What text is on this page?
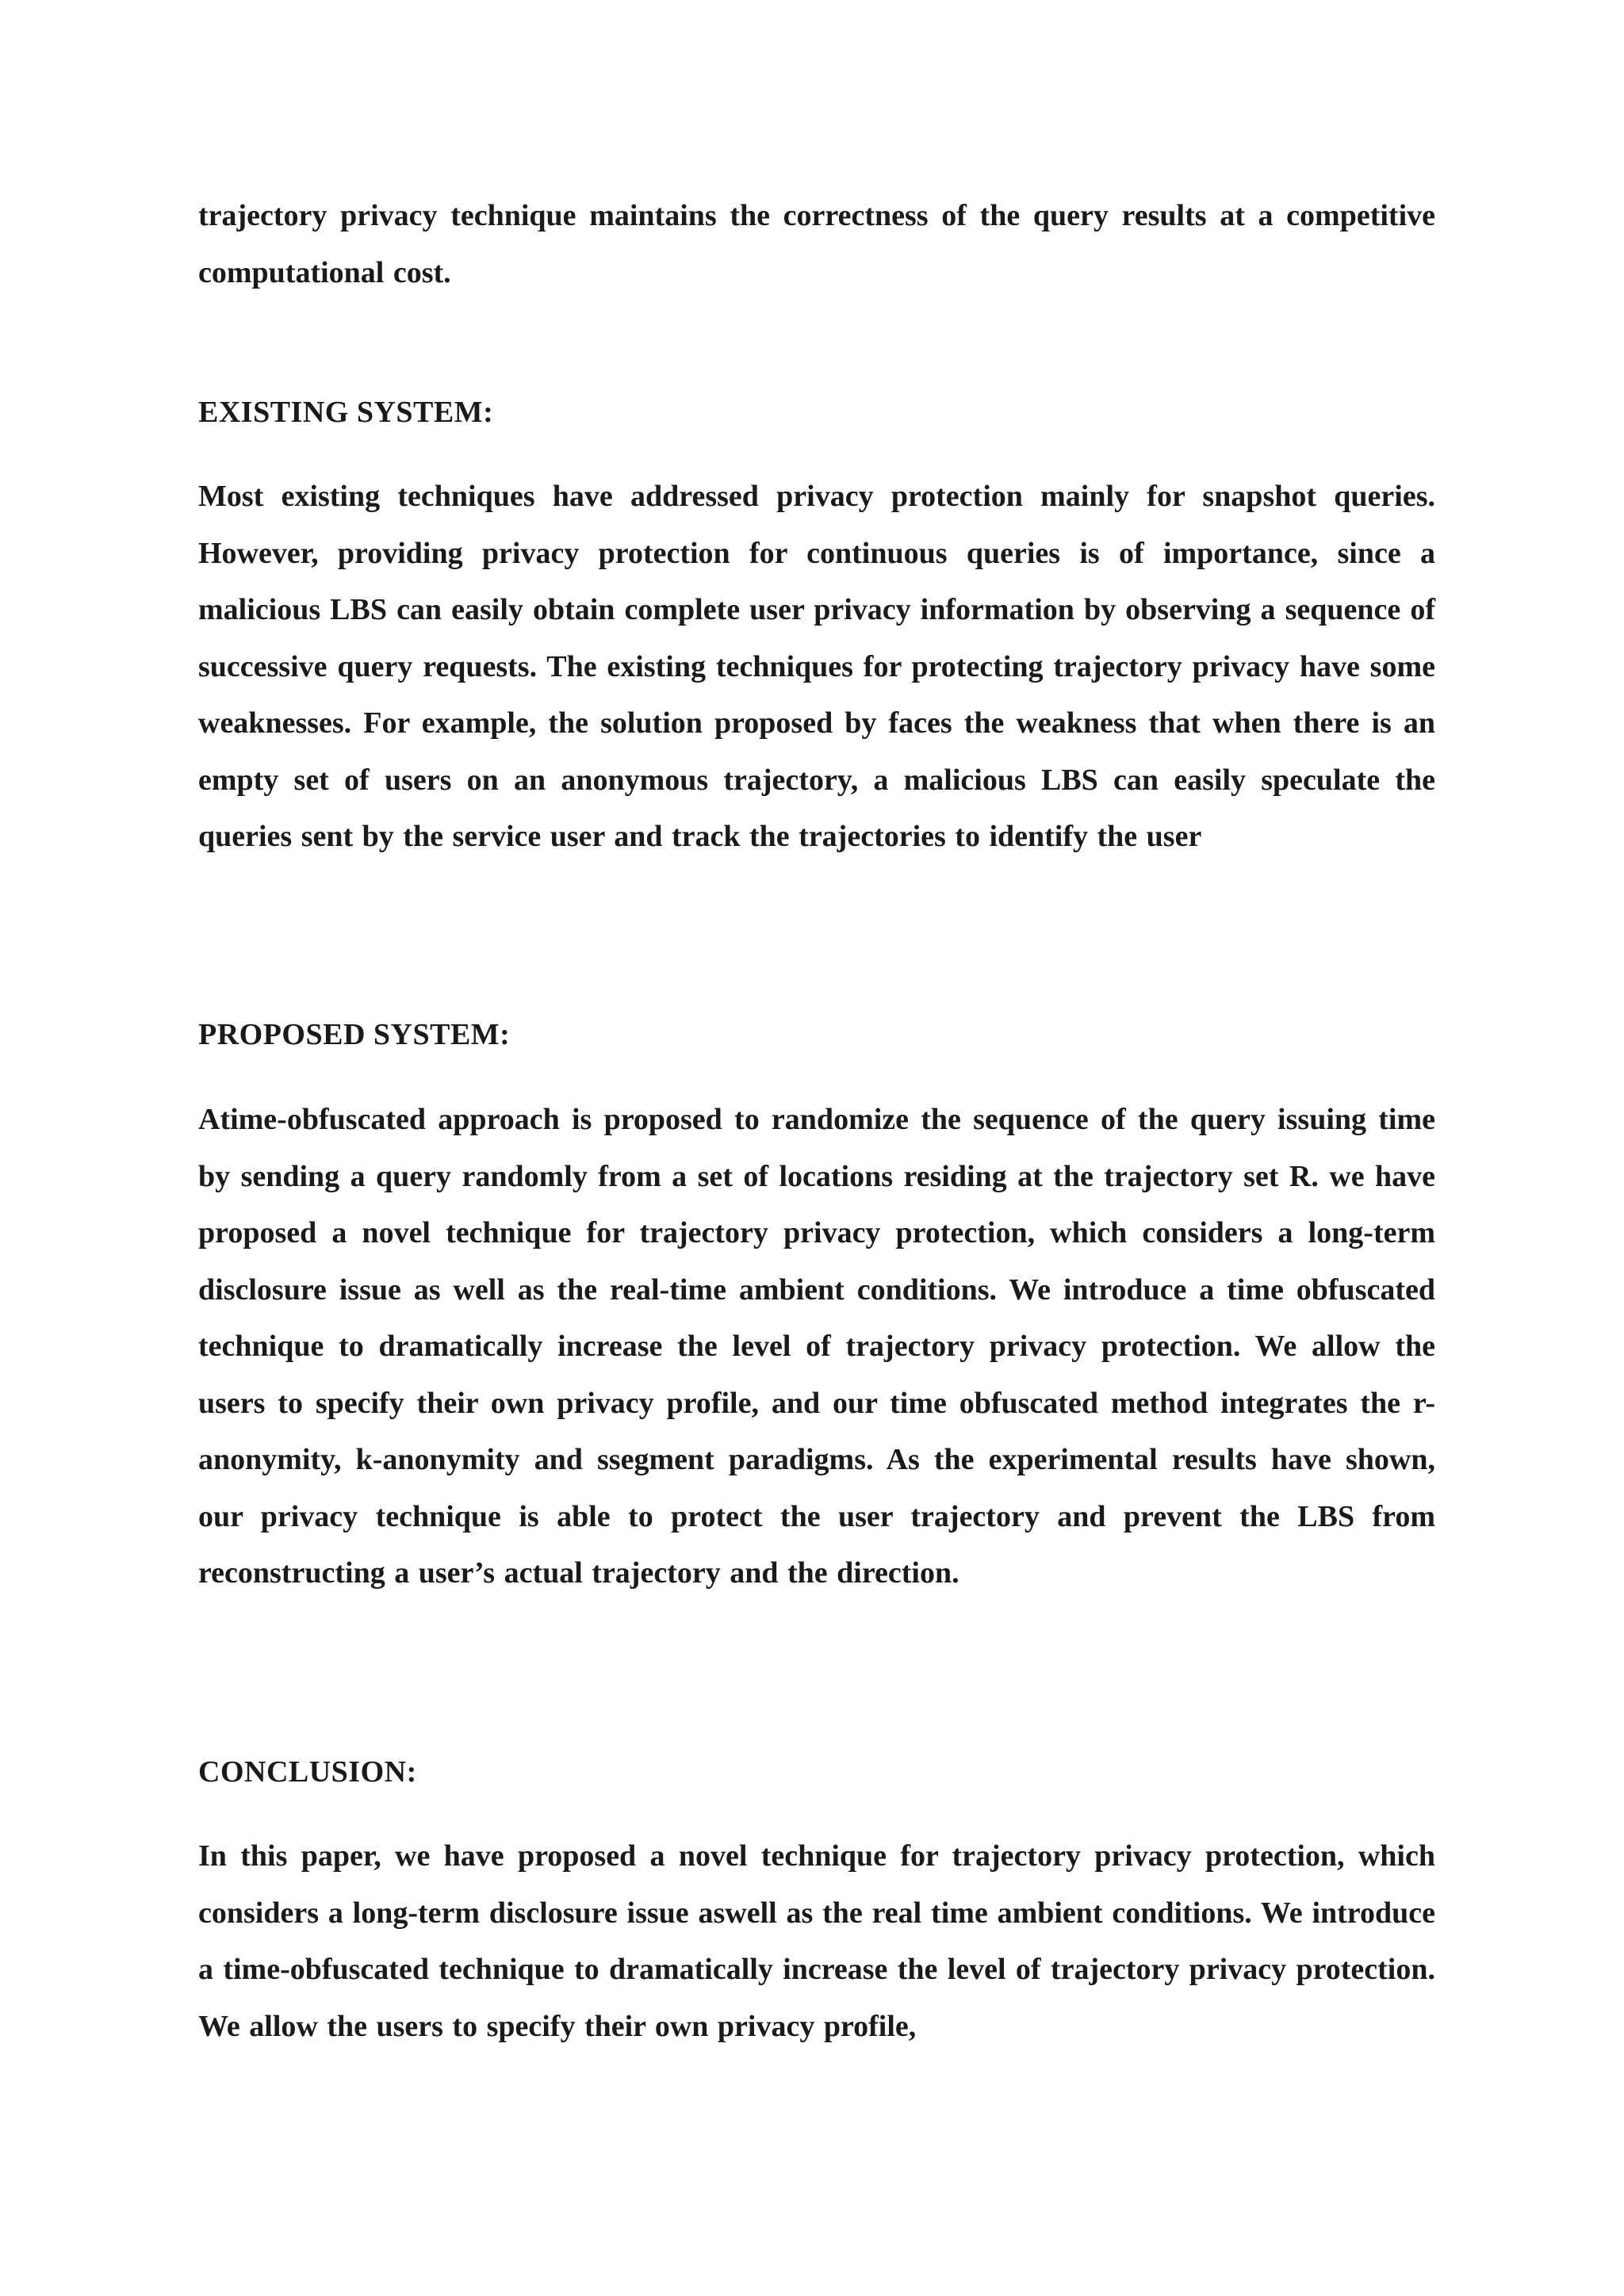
trajectory privacy technique maintains the correctness of the query results at a competitive computational cost.

EXISTING SYSTEM:

Most existing techniques have addressed privacy protection mainly for snapshot queries. However, providing privacy protection for continuous queries is of importance, since a malicious LBS can easily obtain complete user privacy information by observing a sequence of successive query requests. The existing techniques for protecting trajectory privacy have some weaknesses. For example, the solution proposed by faces the weakness that when there is an empty set of users on an anonymous trajectory, a malicious LBS can easily speculate the queries sent by the service user and track the trajectories to identify the user

PROPOSED SYSTEM:

Atime-obfuscated approach is proposed to randomize the sequence of the query issuing time by sending a query randomly from a set of locations residing at the trajectory set R. we have proposed a novel technique for trajectory privacy protection, which considers a long-term disclosure issue as well as the real-time ambient conditions. We introduce a time obfuscated technique to dramatically increase the level of trajectory privacy protection. We allow the users to specify their own privacy profile, and our time obfuscated method integrates the r-anonymity, k-anonymity and ssegment paradigms. As the experimental results have shown, our privacy technique is able to protect the user trajectory and prevent the LBS from reconstructing a user’s actual trajectory and the direction.

CONCLUSION:

In this paper, we have proposed a novel technique for trajectory privacy protection, which considers a long-term disclosure issue aswell as the real time ambient conditions. We introduce a time-obfuscated technique to dramatically increase the level of trajectory privacy protection. We allow the users to specify their own privacy profile,
